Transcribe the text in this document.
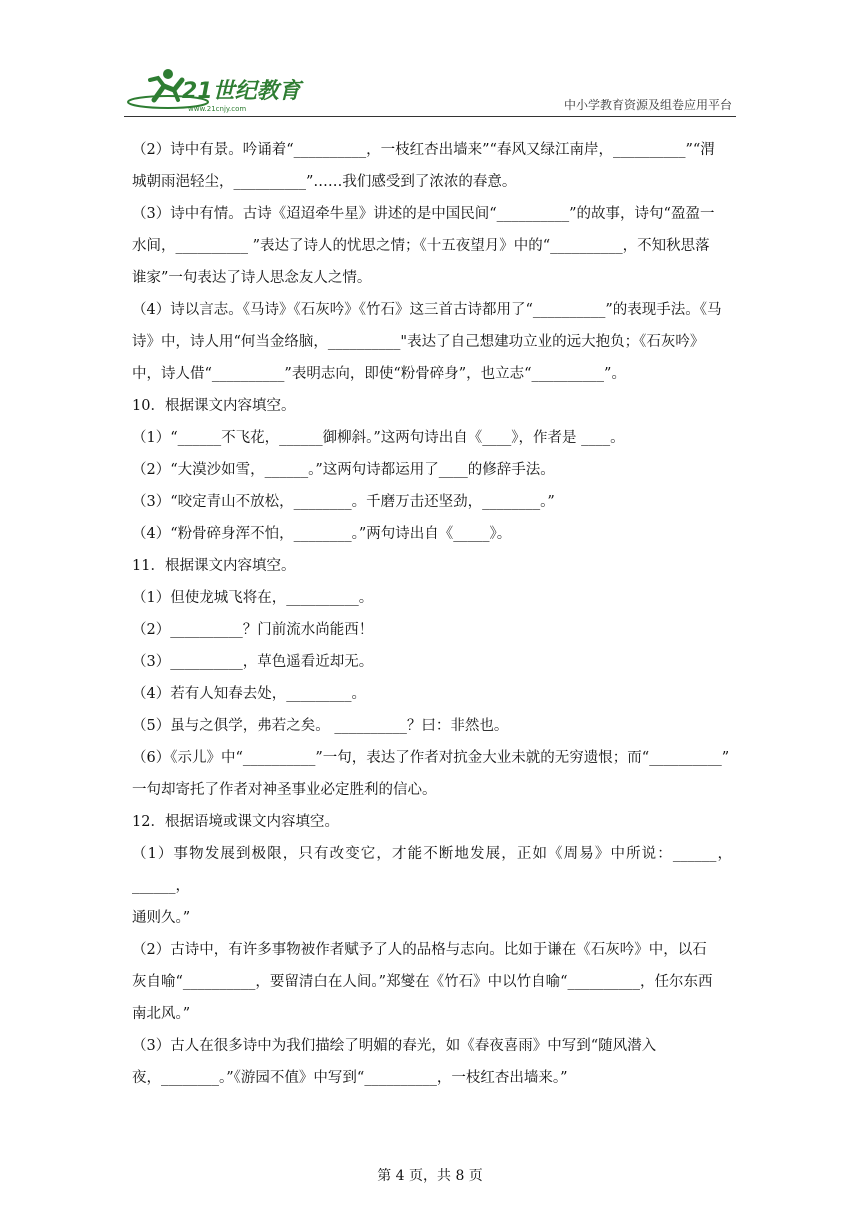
21世纪教育
www.21cnjy.com	中小学教育资源及组卷应用平台

（2）诗中有景。吟诵着“__________，一枝红杏出墙来”“春风又绿江南岸，__________”“渭

城朝雨浥轻尘，__________”……我们感受到了浓浓的春意。

（3）诗中有情。古诗《迢迢牵牛星》讲述的是中国民间“__________”的故事，诗句“盈盈一

水间，__________ ”表达了诗人的忧思之情；《十五夜望月》中的“__________，不知秋思落

谁家”一句表达了诗人思念友人之情。

（4）诗以言志。《马诗》《石灰吟》《竹石》这三首古诗都用了“__________”的表现手法。《马

诗》中，诗人用“何当金络脑，__________"表达了自己想建功立业的远大抱负；《石灰吟》

中，诗人借“__________”表明志向，即使“粉骨碎身”，也立志“__________”。

10．根据课文内容填空。

（1）“______不飞花，______御柳斜。”这两句诗出自《____》，作者是 ____。

（2）“大漠沙如雪，______。”这两句诗都运用了____的修辞手法。

（3）“咬定青山不放松，________。千磨万击还坚劲，________。”

（4）“粉骨碎身浑不怕，________。”两句诗出自《_____》。

11．根据课文内容填空。

（1）但使龙城飞将在，__________。

（2）__________？门前流水尚能西！

（3）__________，草色遥看近却无。

（4）若有人知春去处，_________。

（5）虽与之俱学，弗若之矣。 __________？曰：非然也。

（6）《示儿》中“__________”一句，表达了作者对抗金大业未就的无穷遗恨；而“__________”

一句却寄托了作者对神圣事业必定胜利的信心。

12．根据语境或课文内容填空。

（1）事物发展到极限，只有改变它，才能不断地发展，正如《周易》中所说：______，______，

通则久。”

（2）古诗中，有许多事物被作者赋予了人的品格与志向。比如于谦在《石灰吟》中，以石

灰自喻“__________，要留清白在人间。”郑燮在《竹石》中以竹自喻“__________，任尔东西

南北风。”

（3）古人在很多诗中为我们描绘了明媚的春光，如《春夜喜雨》中写到“随风潜入

夜，________。”《游园不值》中写到“__________，一枝红杏出墙来。”

第 4 页，共 8 页
